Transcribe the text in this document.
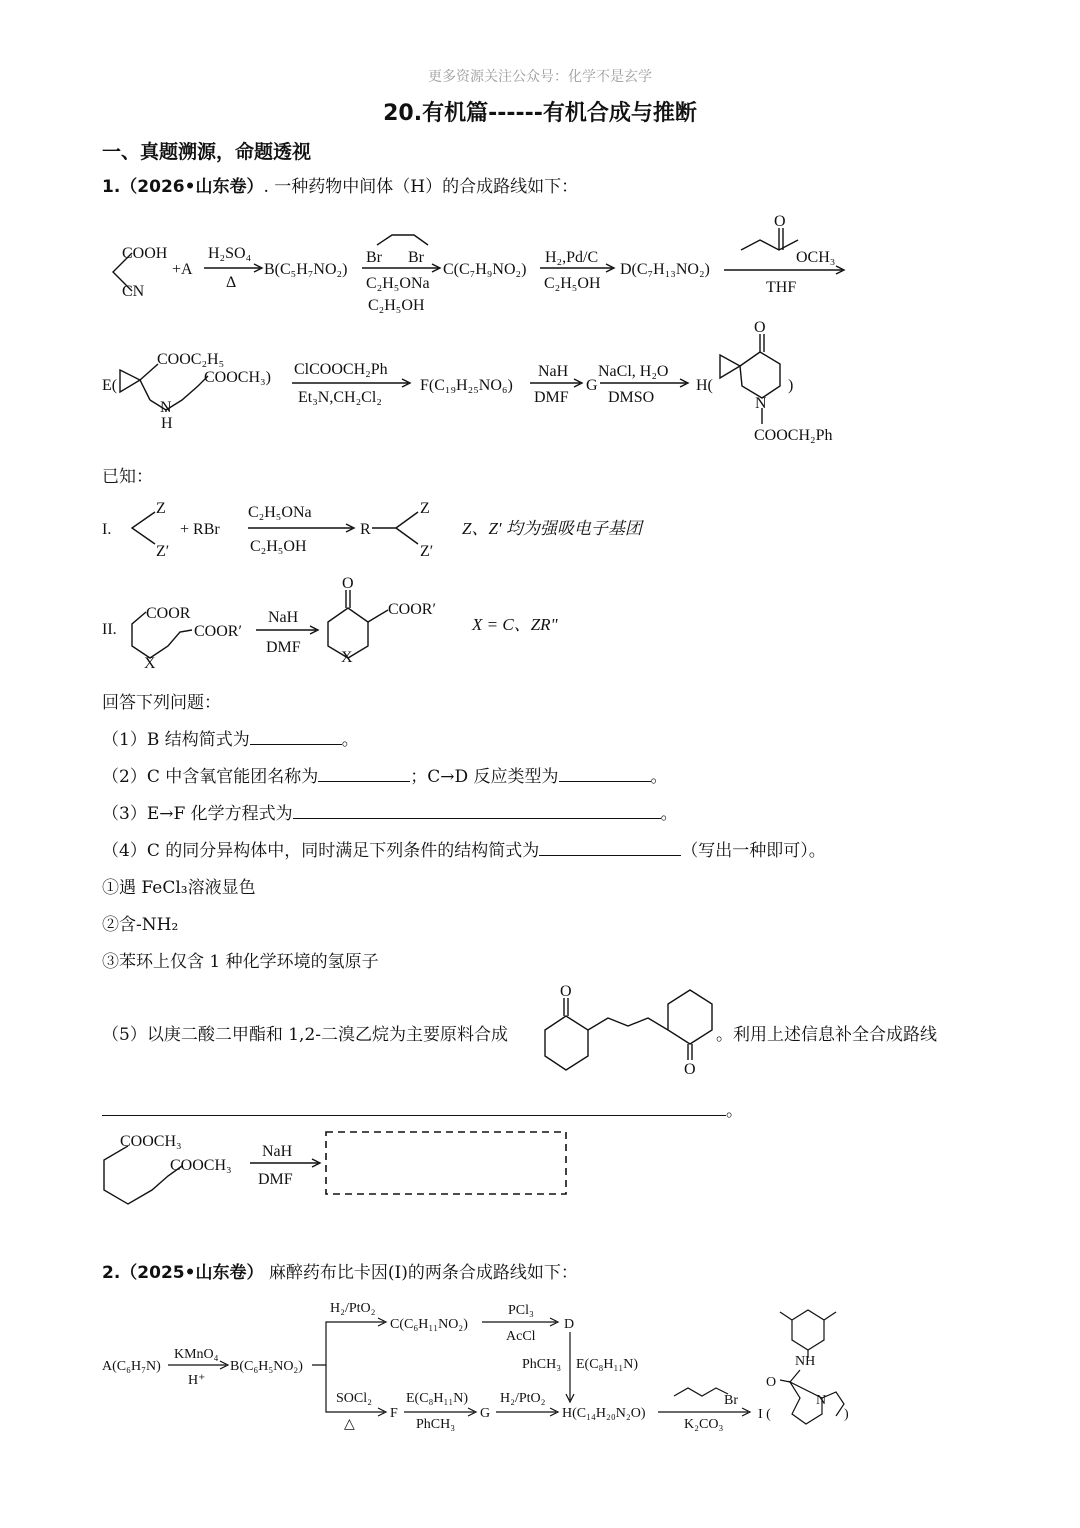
更多资源关注公众号：化学不是玄学
20.有机篇------有机合成与推断
一、真题溯源，命题透视
1.（2026•山东卷）. 一种药物中间体（H）的合成路线如下：
COOH
CN
+A
H₂SO₄
Δ
B(C₅H₇NO₂)
Br Br
C₂H₅ONa
C₂H₅OH
C(C₇H₉NO₂)
H₂,Pd/C
C₂H₅OH
D(C₇H₁₃NO₂)
O
OCH₃
THF
E(
COOC₂H₅
COOCH₃)
N
H
ClCOOCH₂Ph
Et₃N,CH₂Cl₂
F(C₁₉H₂₅NO₆)
NaH
DMF
G
NaCl, H₂O
DMSO
H(
O
N
COOCH₂Ph
)
I.
Z
Z′
+ RBr
C₂H₅ONa
C₂H₅OH
R
Z
Z′
Z、Z′ 均为强吸电子基团
II.
COOR
COOR′
X
NaH
DMF
O
COOR′
X
X = C、ZR"
O
O
COOCH₃
COOCH₃
NaH
DMF
A(C₆H₇N)
KMnO₄
H⁺
B(C₆H₅NO₂)
H₂/PtO₂
C(C₆H₁₁NO₂)
PCl₃
AcCl
D
PhCH₃ E(C₈H₁₁N)
SOCl₂
△
F
E(C₈H₁₁N)
PhCH₃
G
H₂/PtO₂
H(C₁₄H₂₀N₂O)
Br
K₂CO₃
I (
NH
O
N
)
已知：
回答下列问题：
（1）B 结构简式为	。
（2）C 中含氧官能团名称为	；C→D 反应类型为	。
（3）E→F 化学方程式为	。
（4）C 的同分异构体中，同时满足下列条件的结构简式为	（写出一种即可）。
①遇 FeCl₃溶液显色
②含-NH₂
③苯环上仅含 1 种化学环境的氢原子
（5）以庚二酸二甲酯和 1,2-二溴乙烷为主要原料合成	。利用上述信息补全合成路线
。
2.（2025•山东卷） 麻醉药布比卡因(I)的两条合成路线如下：
